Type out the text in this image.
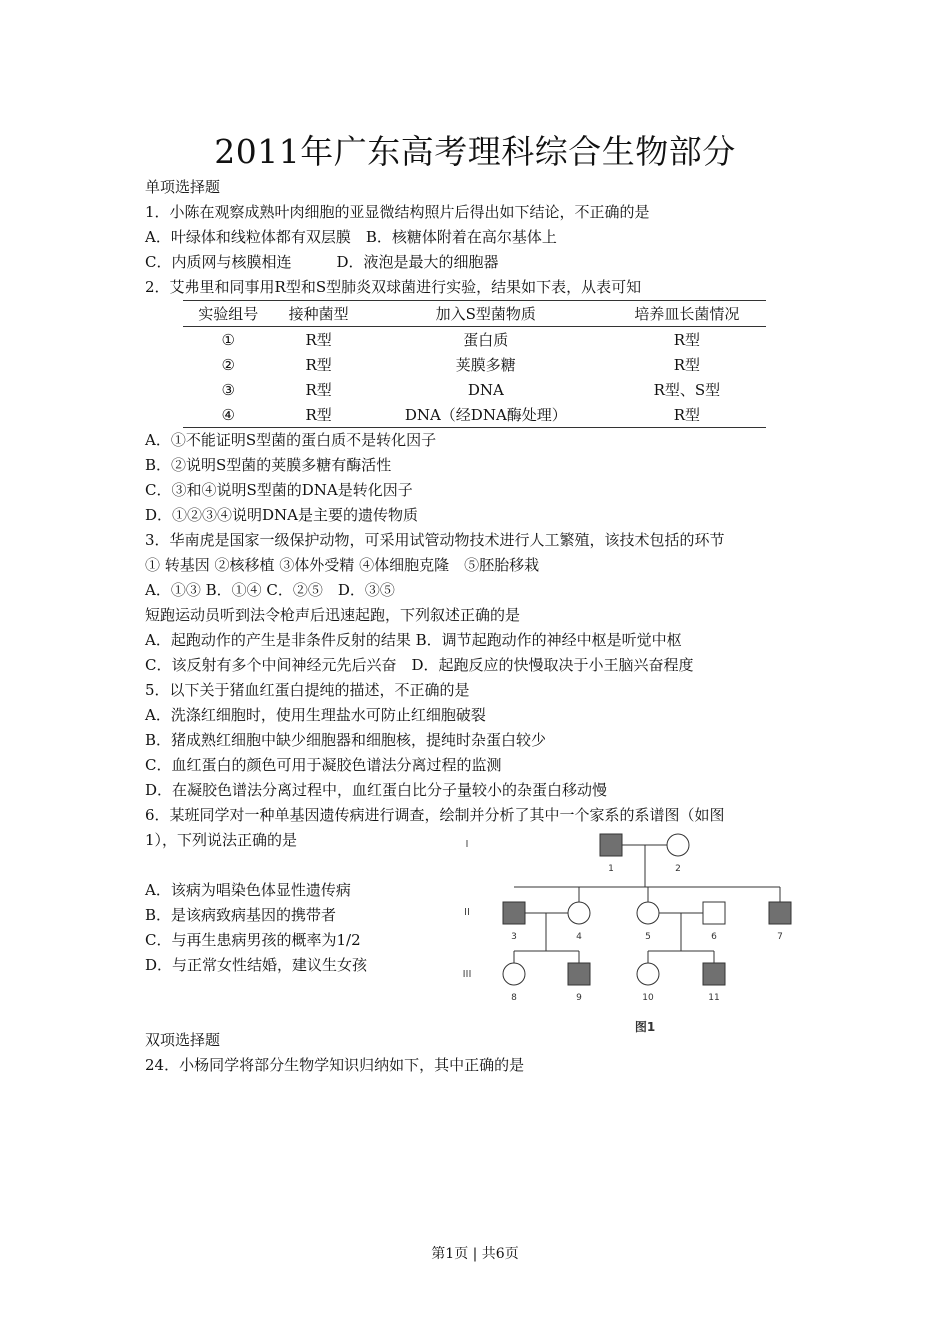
2011年广东高考理科综合生物部分
单项选择题
1．小陈在观察成熟叶肉细胞的亚显微结构照片后得出如下结论，不正确的是
A．叶绿体和线粒体都有双层膜　B．核糖体附着在高尔基体上
C．内质网与核膜相连　　　D．液泡是最大的细胞器
2．艾弗里和同事用R型和S型肺炎双球菌进行实验，结果如下表，从表可知
实验组号	接种菌型	加入S型菌物质	培养皿长菌情况
①	R型	蛋白质	R型
②	R型	荚膜多糖	R型
③	R型	DNA	R型、S型
④	R型	DNA（经DNA酶处理）	R型
A．①不能证明S型菌的蛋白质不是转化因子
B．②说明S型菌的荚膜多糖有酶活性
C．③和④说明S型菌的DNA是转化因子
D．①②③④说明DNA是主要的遗传物质
3．华南虎是国家一级保护动物，可采用试管动物技术进行人工繁殖，该技术包括的环节
① 转基因 ②核移植 ③体外受精 ④体细胞克隆　⑤胚胎移栽
A．①③ B．①④ C．②⑤　D．③⑤
短跑运动员听到法令枪声后迅速起跑，下列叙述正确的是
A．起跑动作的产生是非条件反射的结果 B．调节起跑动作的神经中枢是听觉中枢
C．该反射有多个中间神经元先后兴奋　D．起跑反应的快慢取决于小王脑兴奋程度
5．以下关于猪血红蛋白提纯的描述，不正确的是
A．洗涤红细胞时，使用生理盐水可防止红细胞破裂
B．猪成熟红细胞中缺少细胞器和细胞核，提纯时杂蛋白较少
C．血红蛋白的颜色可用于凝胶色谱法分离过程的监测
D．在凝胶色谱法分离过程中，血红蛋白比分子量较小的杂蛋白移动慢
6．某班同学对一种单基因遗传病进行调查，绘制并分析了其中一个家系的系谱图（如图
1），下列说法正确的是
A．该病为唱染色体显性遗传病
B．是该病致病基因的携带者
C．与再生患病男孩的概率为1/2
D．与正常女性结婚，建议生女孩
双项选择题
24．小杨同学将部分生物学知识归纳如下，其中正确的是
1	2
3	4	5	6	7
8	9	10	11
I
II
III
图1
第1页 | 共6页
